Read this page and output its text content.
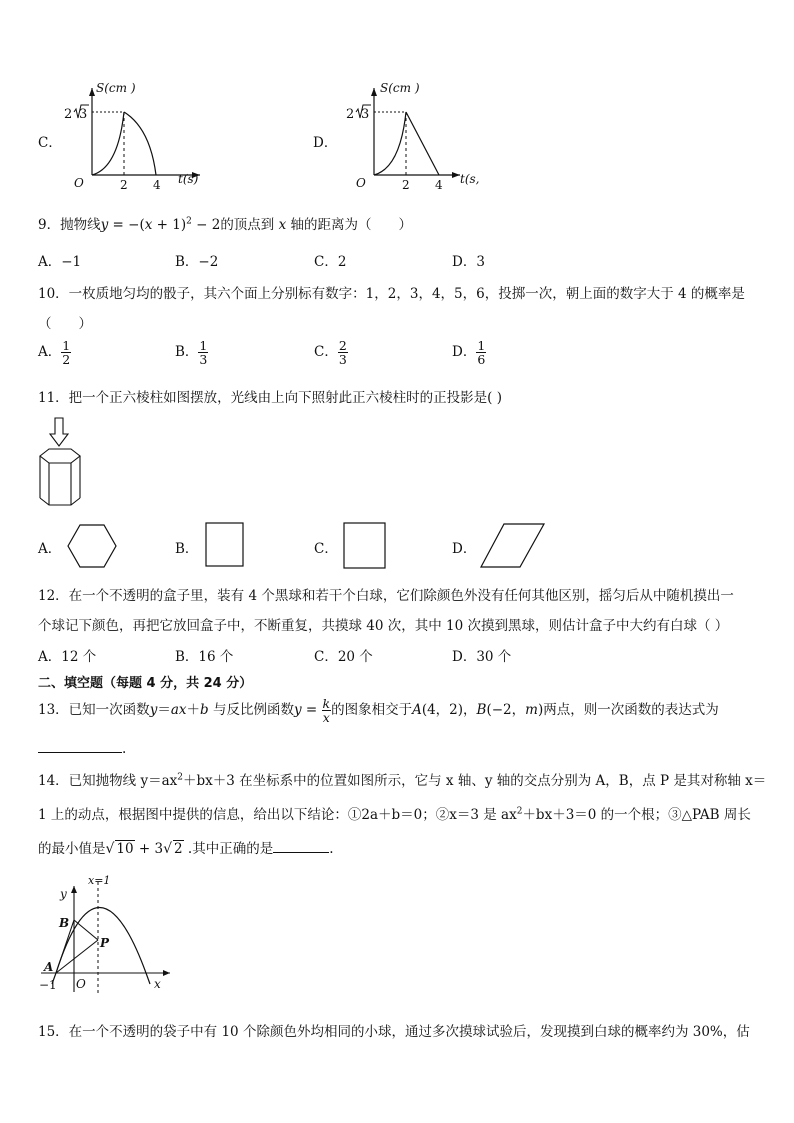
C．
S(cm )
2 3
O	2 4 t(s)
D．
S(cm )
2 3
O	2 4 t(s,
9．抛物线$y = -(x + 1)^2 - 2$的顶点到 x 轴的距离为（　　）
A．−1	B．−2	C．2	D．3
10．一枚质地匀均的骰子，其六个面上分别标有数字：1，2，3，4，5，6，投掷一次，朝上面的数字大于 4 的概率是
（　　）
A． $\frac{1}{2}$	B． $\frac{1}{3}$	C． $\frac{2}{3}$	D． $\frac{1}{6}$
11．把一个正六棱柱如图摆放，光线由上向下照射此正六棱柱时的正投影是( )
A．	B．	C．	D．
12．在一个不透明的盒子里，装有 4 个黑球和若干个白球，它们除颜色外没有任何其他区别，摇匀后从中随机摸出一
个球记下颜色，再把它放回盒子中，不断重复，共摸球 40 次，其中 10 次摸到黑球，则估计盒子中大约有白球（ ）
A．12 个	B．16 个	C．20 个	D．30 个
二、填空题（每题 4 分，共 24 分）
13．已知一次函数y＝ax＋b 与反比例函数$y = \frac{k}{x}$ 的图象相交于A(4，2)，B(−2，m)两点，则一次函数的表达式为
.
14．已知抛物线 $y=ax^2+bx+3$ 在坐标系中的位置如图所示，它与 x 轴、y 轴的交点分别为 A，B，点 P 是其对称轴 x＝
1 上的动点，根据图中提供的信息，给出以下结论：①2a＋b＝0；②x＝3 是 $ax^2+bx+3=0$ 的一个根；③△PAB 周长
的最小值是√ 10 + 3√ 2 .其中正确的是	.
x=1
y
x
B
P
A
−1 O
15．在一个不透明的袋子中有 10 个除颜色外均相同的小球，通过多次摸球试验后，发现摸到白球的概率约为 30%，估
